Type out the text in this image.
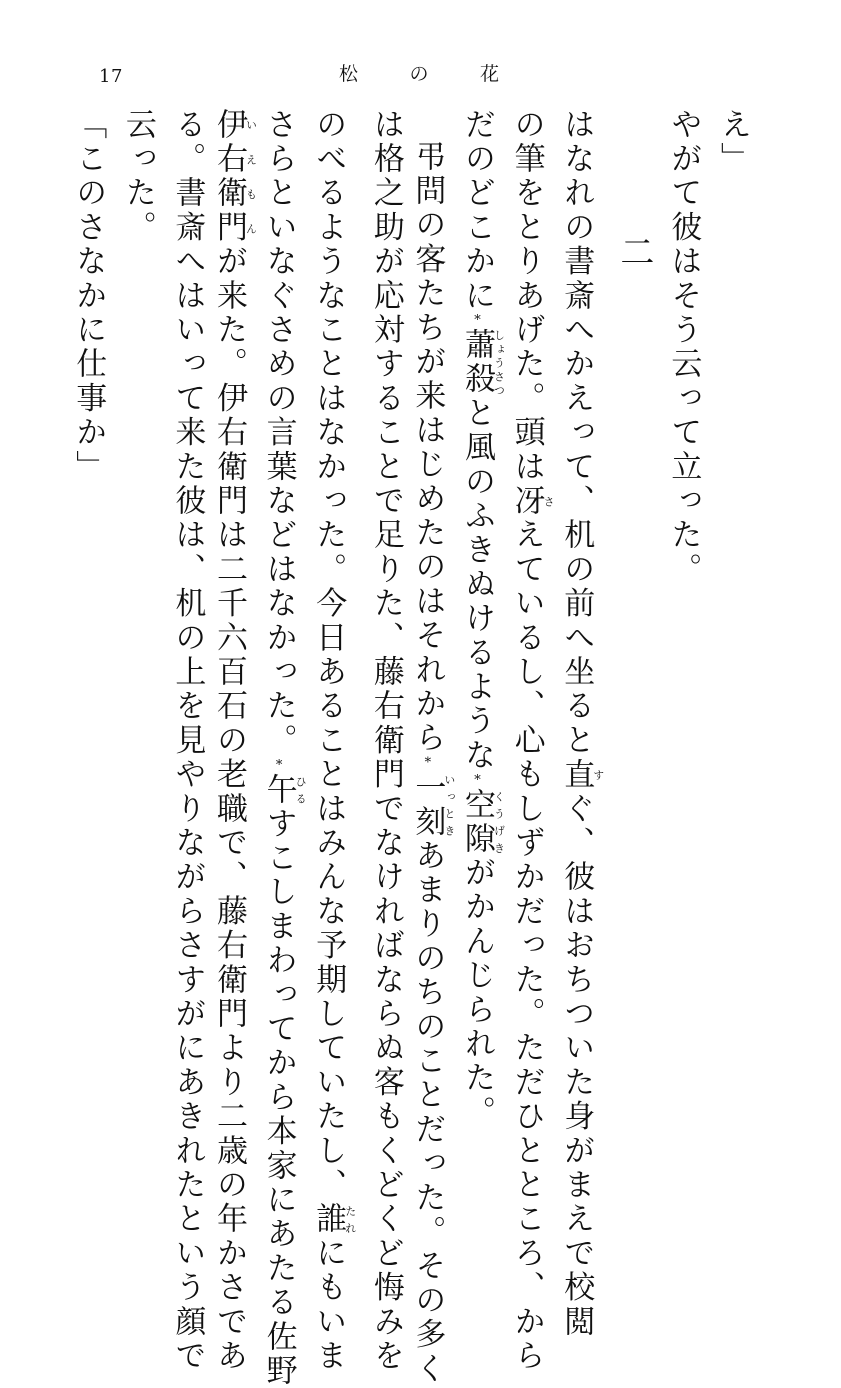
17	松	の	花
え」
やがて彼はそう云って立った。
二
はなれの書斎へかえって、机の前へ坐ると直すぐ、彼はおちついた身がまえで校閲
の筆をとりあげた。頭は冴さえているし、心もしずかだった。ただひとところ、から
だのどこかに*蕭殺しょうさつと風のふきぬけるような*空隙くうげきがかんじられた。
弔問の客たちが来はじめたのはそれから*一刻いっときあまりのちのことだった。その多く
は格之助が応対することで足りた、藤右衛門でなければならぬ客もくどくど悔みを
のべるようなことはなかった。今日あることはみんな予期していたし、誰たれにもいま
さらといなぐさめの言葉などはなかった。*午ひるすこしまわってから本家にあたる佐野
伊右衛門いえもんが来た。伊右衛門は二千六百石の老職で、藤右衛門より二歳の年かさであ
る。書斎へはいって来た彼は、机の上を見やりながらさすがにあきれたという顔で
云った。
「このさなかに仕事か」
